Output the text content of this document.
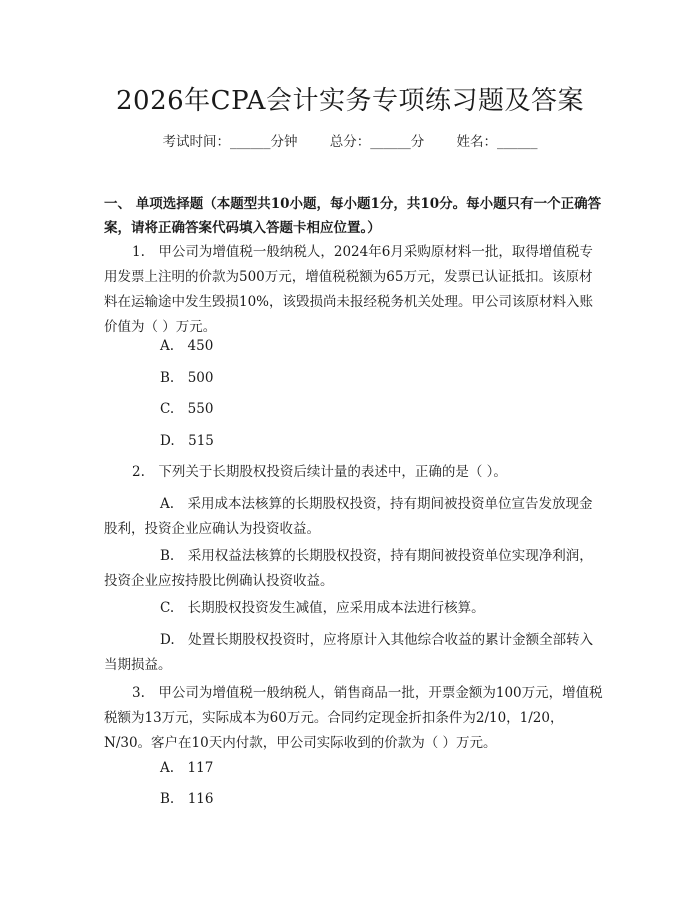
2026年CPA会计实务专项练习题及答案
考试时间：______分钟 总分：______分 姓名：______
一、 单项选择题（本题型共10小题，每小题1分，共10分。每小题只有一个正确答案，请将正确答案代码填入答题卡相应位置。）
1.　甲公司为增值税一般纳税人，2024年6月采购原材料一批，取得增值税专用发票上注明的价款为500万元，增值税税额为65万元，发票已认证抵扣。该原材料在运输途中发生毁损10%，该毁损尚未报经税务机关处理。甲公司该原材料入账价值为（ ）万元。
A.　450
B.　500
C.　550
D.　515
2.　下列关于长期股权投资后续计量的表述中，正确的是（ ）。
A.　采用成本法核算的长期股权投资，持有期间被投资单位宣告发放现金股利，投资企业应确认为投资收益。
B.　采用权益法核算的长期股权投资，持有期间被投资单位实现净利润，投资企业应按持股比例确认投资收益。
C.　长期股权投资发生减值，应采用成本法进行核算。
D.　处置长期股权投资时，应将原计入其他综合收益的累计金额全部转入当期损益。
3.　甲公司为增值税一般纳税人，销售商品一批，开票金额为100万元，增值税税额为13万元，实际成本为60万元。合同约定现金折扣条件为2/10，1/20，N/30。客户在10天内付款，甲公司实际收到的价款为（ ）万元。
A.　117
B.　116
